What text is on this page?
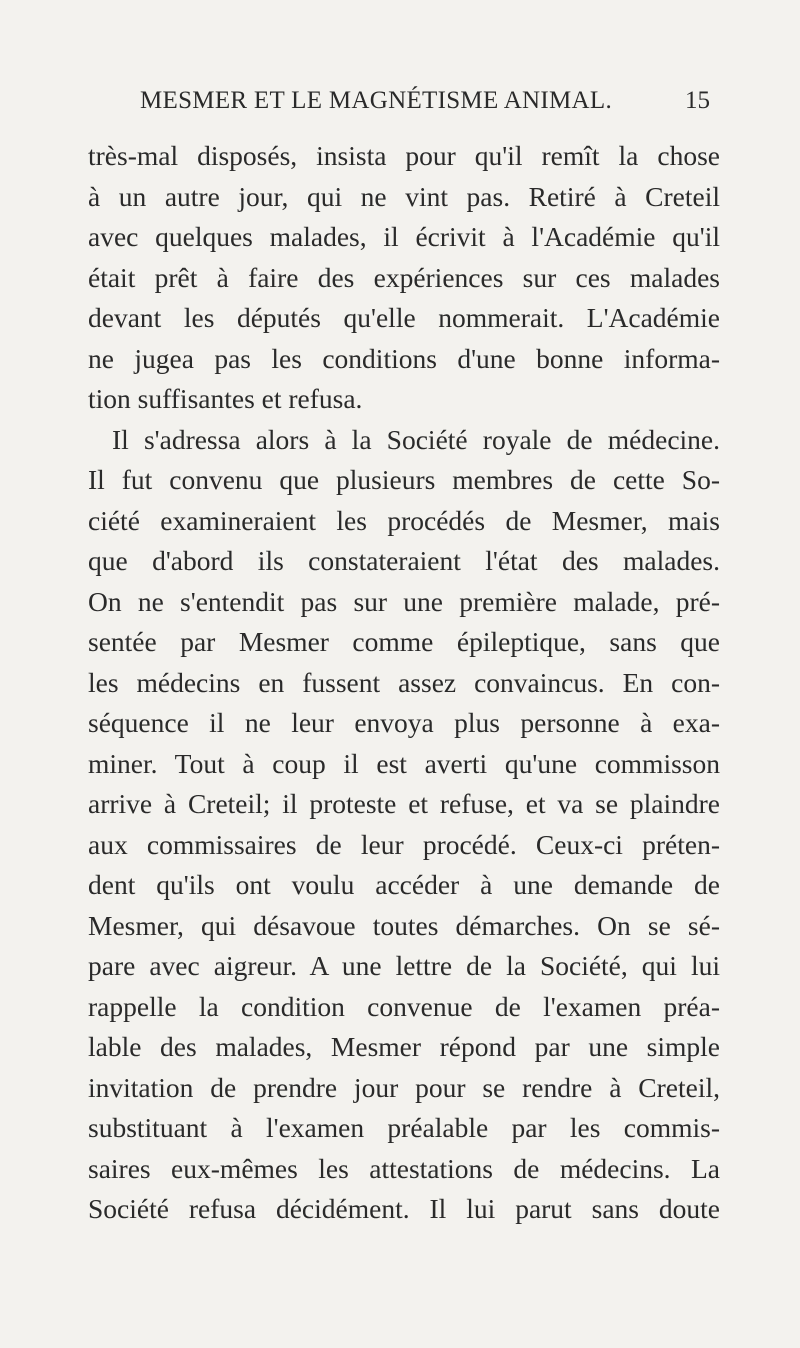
MESMER ET LE MAGNÉTISME ANIMAL.	15
très-mal disposés, insista pour qu'il remît la chose
à un autre jour, qui ne vint pas. Retiré à Creteil
avec quelques malades, il écrivit à l'Académie qu'il
était prêt à faire des expériences sur ces malades
devant les députés qu'elle nommerait. L'Académie
ne jugea pas les conditions d'une bonne informa-
tion suffisantes et refusa.
Il s'adressa alors à la Société royale de médecine.
Il fut convenu que plusieurs membres de cette So-
ciété examineraient les procédés de Mesmer, mais
que d'abord ils constateraient l'état des malades.
On ne s'entendit pas sur une première malade, pré-
sentée par Mesmer comme épileptique, sans que
les médecins en fussent assez convaincus. En con-
séquence il ne leur envoya plus personne à exa-
miner. Tout à coup il est averti qu'une commisson
arrive à Creteil; il proteste et refuse, et va se plaindre
aux commissaires de leur procédé. Ceux-ci préten-
dent qu'ils ont voulu accéder à une demande de
Mesmer, qui désavoue toutes démarches. On se sé-
pare avec aigreur. A une lettre de la Société, qui lui
rappelle la condition convenue de l'examen préa-
lable des malades, Mesmer répond par une simple
invitation de prendre jour pour se rendre à Creteil,
substituant à l'examen préalable par les commis-
saires eux-mêmes les attestations de médecins. La
Société refusa décidément. Il lui parut sans doute
